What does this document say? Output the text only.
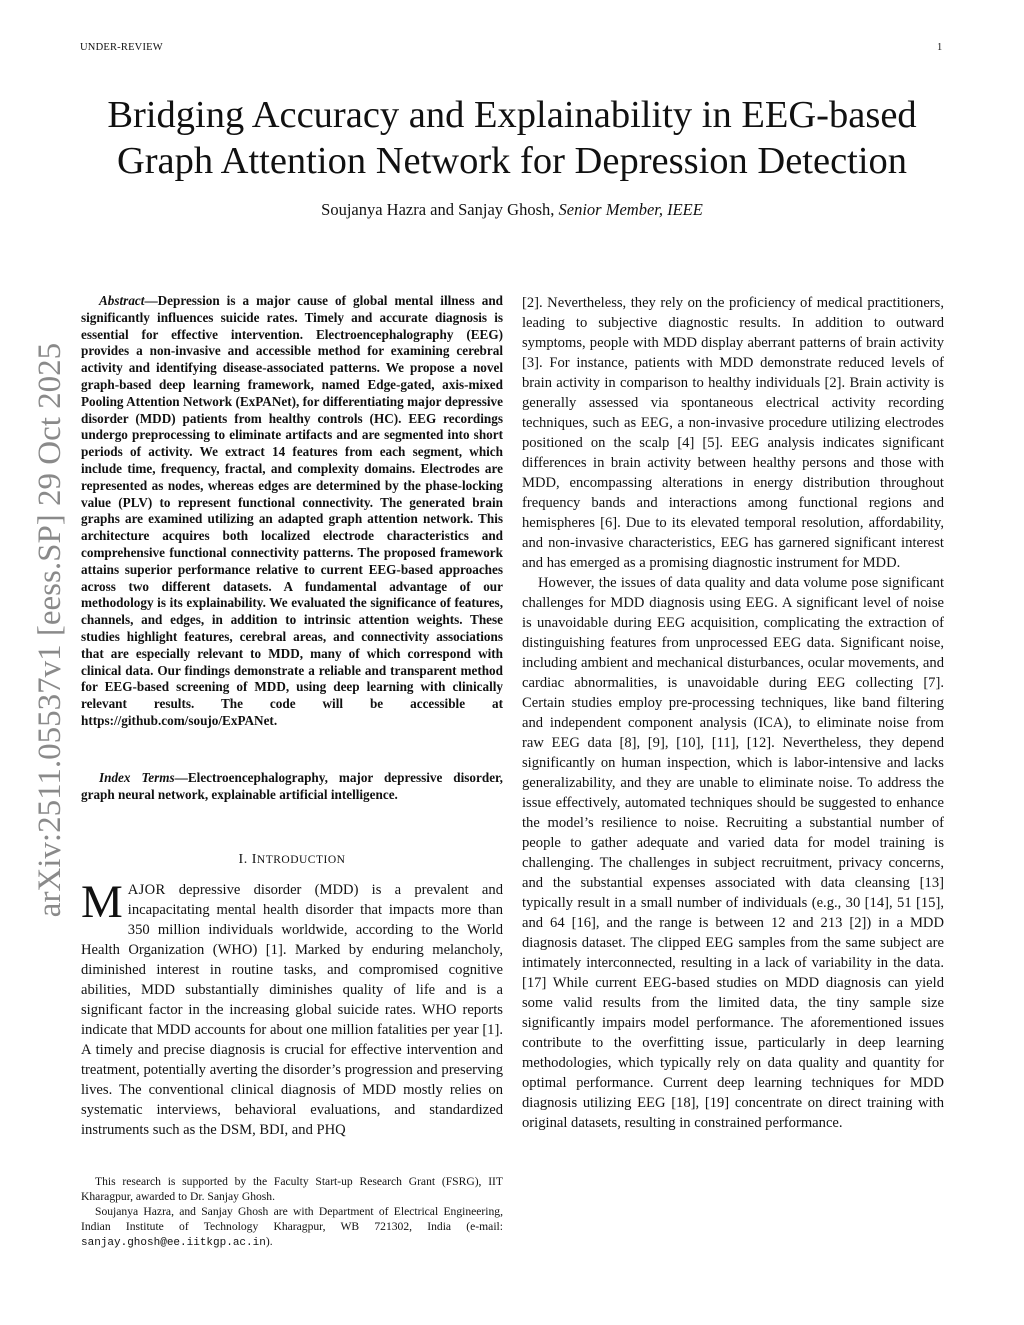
UNDER-REVIEW	1
arXiv:2511.05537v1 [eess.SP] 29 Oct 2025
Bridging Accuracy and Explainability in EEG-based
Graph Attention Network for Depression Detection
Soujanya Hazra and Sanjay Ghosh, Senior Member, IEEE

Abstract—Depression is a major cause of global mental illness and significantly influences suicide rates. Timely and accurate diagnosis is essential for effective intervention. Electroencephalography (EEG) provides a non-invasive and accessible method for examining cerebral activity and identifying disease-associated patterns. We propose a novel graph-based deep learning framework, named Edge-gated, axis-mixed Pooling Attention Network (ExPANet), for differentiating major depressive disorder (MDD) patients from healthy controls (HC). EEG recordings undergo preprocessing to eliminate artifacts and are segmented into short periods of activity. We extract 14 features from each segment, which include time, frequency, fractal, and complexity domains. Electrodes are represented as nodes, whereas edges are determined by the phase-locking value (PLV) to represent functional connectivity. The generated brain graphs are examined utilizing an adapted graph attention network. This architecture acquires both localized electrode characteristics and comprehensive functional connectivity patterns. The proposed framework attains superior performance relative to current EEG-based approaches across two different datasets. A fundamental advantage of our methodology is its explainability. We evaluated the significance of features, channels, and edges, in addition to intrinsic attention weights. These studies highlight features, cerebral areas, and connectivity associations that are especially relevant to MDD, many of which correspond with clinical data. Our findings demonstrate a reliable and transparent method for EEG-based screening of MDD, using deep learning with clinically relevant results. The code will be accessible at https://github.com/soujo/ExPANet.

Index Terms—Electroencephalography, major depressive disorder, graph neural network, explainable artificial intelligence.

I. INTRODUCTION

MAJOR depressive disorder (MDD) is a prevalent and incapacitating mental health disorder that impacts more than 350 million individuals worldwide, according to the World Health Organization (WHO) [1]. Marked by enduring melancholy, diminished interest in routine tasks, and compromised cognitive abilities, MDD substantially diminishes quality of life and is a significant factor in the increasing global suicide rates. WHO reports indicate that MDD accounts for about one million fatalities per year [1]. A timely and precise diagnosis is crucial for effective intervention and treatment, potentially averting the disorder’s progression and preserving lives. The conventional clinical diagnosis of MDD mostly relies on systematic interviews, behavioral evaluations, and standardized instruments such as the DSM, BDI, and PHQ

This research is supported by the Faculty Start-up Research Grant (FSRG), IIT Kharagpur, awarded to Dr. Sanjay Ghosh.

Soujanya Hazra, and Sanjay Ghosh are with Department of Electrical Engineering, Indian Institute of Technology Kharagpur, WB 721302, India (e-mail: sanjay.ghosh@ee.iitkgp.ac.in).

[2]. Nevertheless, they rely on the proficiency of medical practitioners, leading to subjective diagnostic results. In addition to outward symptoms, people with MDD display aberrant patterns of brain activity [3]. For instance, patients with MDD demonstrate reduced levels of brain activity in comparison to healthy individuals [2]. Brain activity is generally assessed via spontaneous electrical activity recording techniques, such as EEG, a non-invasive procedure utilizing electrodes positioned on the scalp [4] [5]. EEG analysis indicates significant differences in brain activity between healthy persons and those with MDD, encompassing alterations in energy distribution throughout frequency bands and interactions among functional regions and hemispheres [6]. Due to its elevated temporal resolution, affordability, and non-invasive characteristics, EEG has garnered significant interest and has emerged as a promising diagnostic instrument for MDD.

However, the issues of data quality and data volume pose significant challenges for MDD diagnosis using EEG. A significant level of noise is unavoidable during EEG acquisition, complicating the extraction of distinguishing features from unprocessed EEG data. Significant noise, including ambient and mechanical disturbances, ocular movements, and cardiac abnormalities, is unavoidable during EEG collecting [7]. Certain studies employ pre-processing techniques, like band filtering and independent component analysis (ICA), to eliminate noise from raw EEG data [8], [9], [10], [11], [12]. Nevertheless, they depend significantly on human inspection, which is labor-intensive and lacks generalizability, and they are unable to eliminate noise. To address the issue effectively, automated techniques should be suggested to enhance the model’s resilience to noise. Recruiting a substantial number of people to gather adequate and varied data for model training is challenging. The challenges in subject recruitment, privacy concerns, and the substantial expenses associated with data cleansing [13] typically result in a small number of individuals (e.g., 30 [14], 51 [15], and 64 [16], and the range is between 12 and 213 [2]) in a MDD diagnosis dataset. The clipped EEG samples from the same subject are intimately interconnected, resulting in a lack of variability in the data. [17] While current EEG-based studies on MDD diagnosis can yield some valid results from the limited data, the tiny sample size significantly impairs model performance. The aforementioned issues contribute to the overfitting issue, particularly in deep learning methodologies, which typically rely on data quality and quantity for optimal performance. Current deep learning techniques for MDD diagnosis utilizing EEG [18], [19] concentrate on direct training with original datasets, resulting in constrained performance.
